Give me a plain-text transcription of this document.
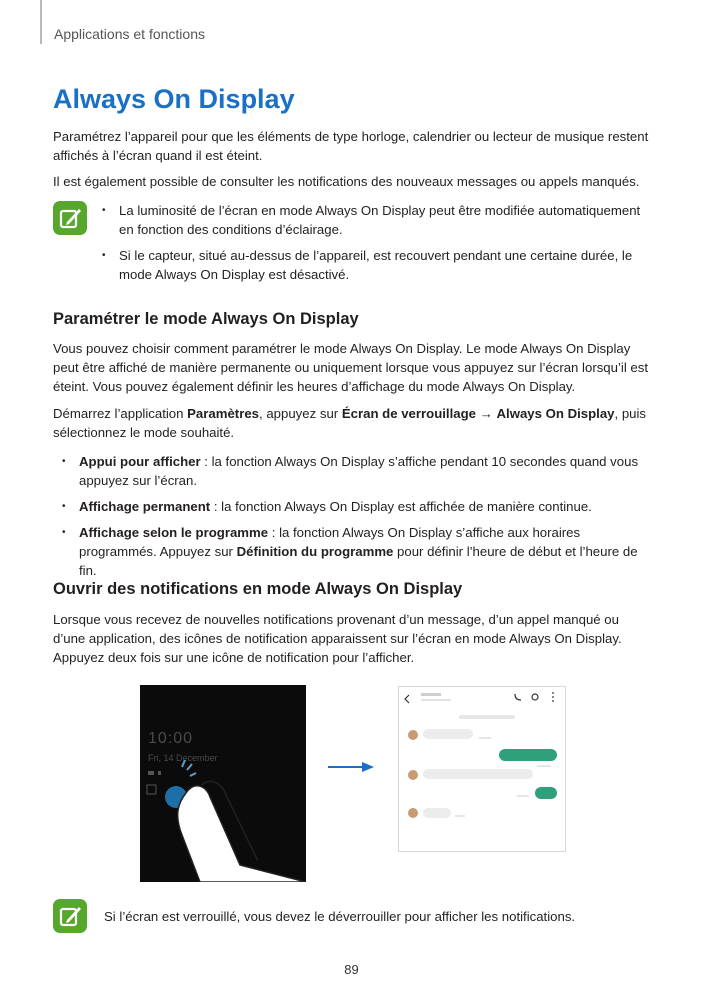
Applications et fonctions
Always On Display

Paramétrez l’appareil pour que les éléments de type horloge, calendrier ou lecteur de musique restent affichés à l’écran quand il est éteint.

Il est également possible de consulter les notifications des nouveaux messages ou appels manqués.

• La luminosité de l’écran en mode Always On Display peut être modifiée automatiquement en fonction des conditions d’éclairage.
• Si le capteur, situé au-dessus de l’appareil, est recouvert pendant une certaine durée, le mode Always On Display est désactivé.
Paramétrer le mode Always On Display

Vous pouvez choisir comment paramétrer le mode Always On Display. Le mode Always On Display peut être affiché de manière permanente ou uniquement lorsque vous appuyez sur l’écran lorsqu’il est éteint. Vous pouvez également définir les heures d’affichage du mode Always On Display.

Démarrez l’application Paramètres, appuyez sur Écran de verrouillage → Always On Display, puis sélectionnez le mode souhaité.

• Appui pour afficher : la fonction Always On Display s’affiche pendant 10 secondes quand vous appuyez sur l’écran.
• Affichage permanent : la fonction Always On Display est affichée de manière continue.
• Affichage selon le programme : la fonction Always On Display s’affiche aux horaires programmés. Appuyez sur Définition du programme pour définir l’heure de début et l’heure de fin.
Ouvrir des notifications en mode Always On Display

Lorsque vous recevez de nouvelles notifications provenant d’un message, d’un appel manqué ou d’une application, des icônes de notification apparaissent sur l’écran en mode Always On Display. Appuyez deux fois sur une icône de notification pour l’afficher.

10:00
Fri, 14 December

Si l’écran est verrouillé, vous devez le déverrouiller pour afficher les notifications.

89
